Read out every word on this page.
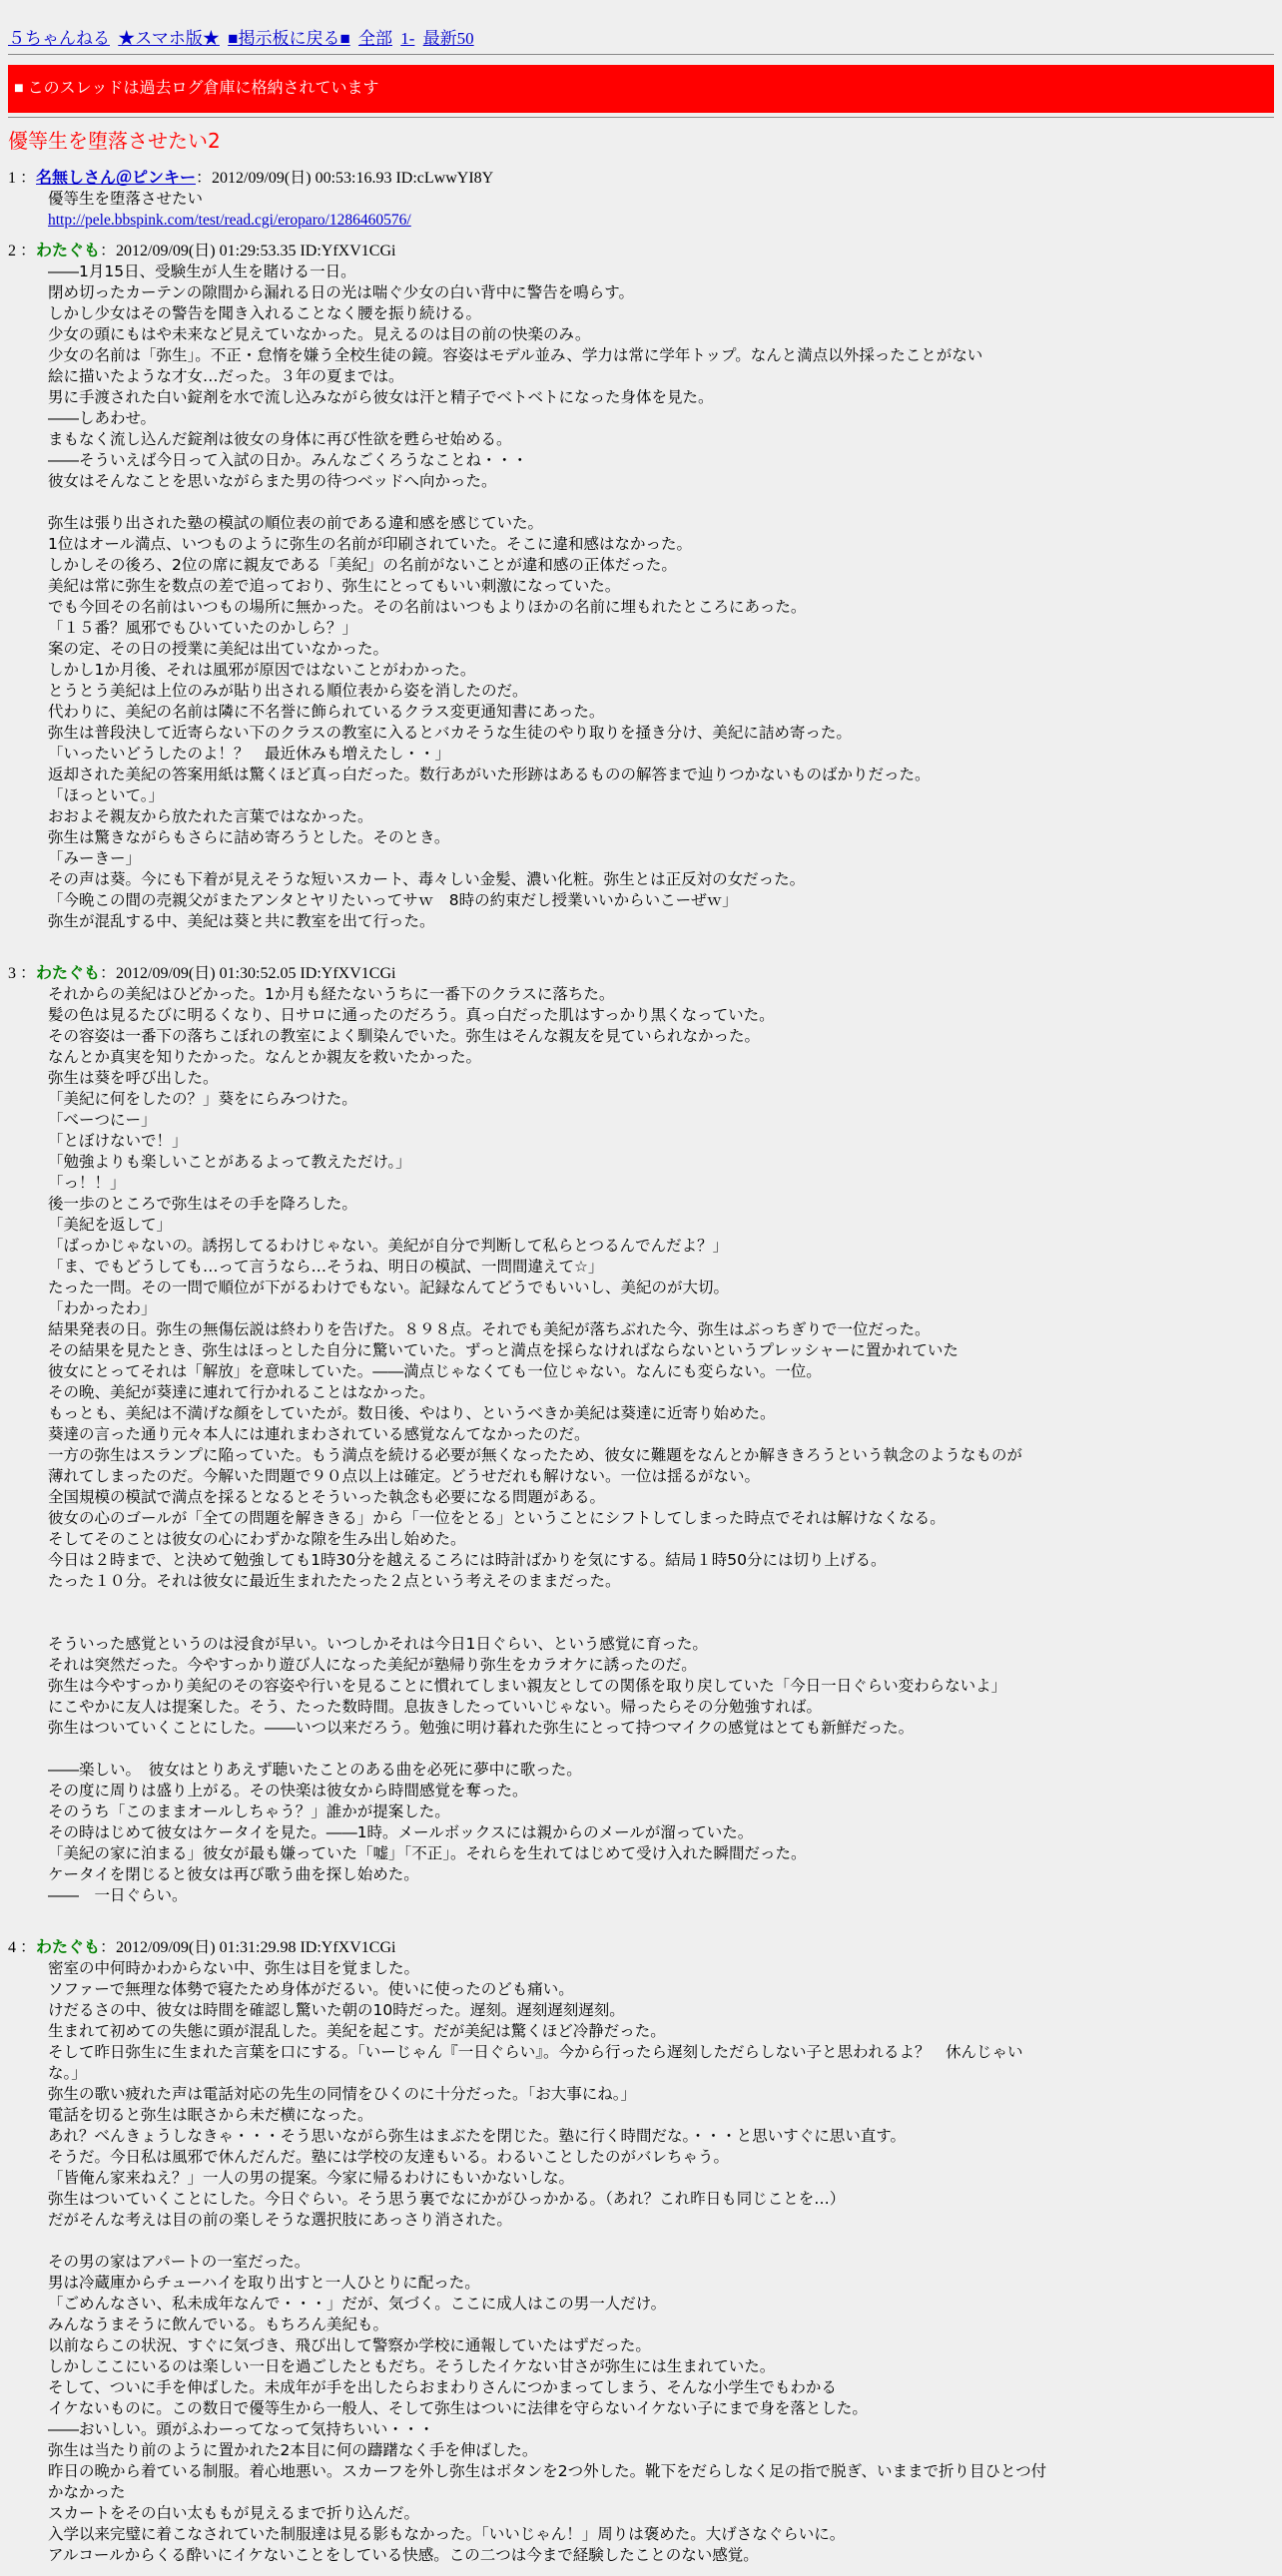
５ちゃんねる ★スマホ版★ ■掲示板に戻る■ 全部 1- 最新50
■ このスレッドは過去ログ倉庫に格納されています
優等生を堕落させたい2
1 ：名無しさん＠ピンキー：2012/09/09(日) 00:53:16.93 ID:cLwwYI8Y
優等生を堕落させたい
http://pele.bbspink.com/test/read.cgi/eroparo/1286460576/
2 ：わたぐも：2012/09/09(日) 01:29:53.35 ID:YfXV1CGi
――1月15日、受験生が人生を賭ける一日。
閉め切ったカーテンの隙間から漏れる日の光は喘ぐ少女の白い背中に警告を鳴らす。
しかし少女はその警告を聞き入れることなく腰を振り続ける。
少女の頭にもはや未来など見えていなかった。見えるのは目の前の快楽のみ。
少女の名前は「弥生」。不正・怠惰を嫌う全校生徒の鏡。容姿はモデル並み、学力は常に学年トップ。なんと満点以外採ったことがない
絵に描いたような才女…だった。３年の夏までは。
男に手渡された白い錠剤を水で流し込みながら彼女は汗と精子でベトベトになった身体を見た。
――しあわせ。
まもなく流し込んだ錠剤は彼女の身体に再び性欲を甦らせ始める。
――そういえば今日って入試の日か。みんなごくろうなことね・・・
彼女はそんなことを思いながらまた男の待つベッドへ向かった。

弥生は張り出された塾の模試の順位表の前である違和感を感じていた。
1位はオール満点、いつものように弥生の名前が印刷されていた。そこに違和感はなかった。
しかしその後ろ、2位の席に親友である「美紀」の名前がないことが違和感の正体だった。
美紀は常に弥生を数点の差で追っており、弥生にとってもいい刺激になっていた。
でも今回その名前はいつもの場所に無かった。その名前はいつもよりほかの名前に埋もれたところにあった。
「１５番？風邪でもひいていたのかしら？」
案の定、その日の授業に美紀は出ていなかった。
しかし1か月後、それは風邪が原因ではないことがわかった。
とうとう美紀は上位のみが貼り出される順位表から姿を消したのだ。
代わりに、美紀の名前は隣に不名誉に飾られているクラス変更通知書にあった。
弥生は普段決して近寄らない下のクラスの教室に入るとバカそうな生徒のやり取りを掻き分け、美紀に詰め寄った。
「いったいどうしたのよ！？　最近休みも増えたし・・」
返却された美紀の答案用紙は驚くほど真っ白だった。数行あがいた形跡はあるものの解答まで辿りつかないものばかりだった。
「ほっといて。」
おおよそ親友から放たれた言葉ではなかった。
弥生は驚きながらもさらに詰め寄ろうとした。そのとき。
「みーきー」
その声は葵。今にも下着が見えそうな短いスカート、毒々しい金髪、濃い化粧。弥生とは正反対の女だった。
「今晩この間の売親父がまたアンタとヤリたいってサｗ　8時の約束だし授業いいからいこーぜｗ」
弥生が混乱する中、美紀は葵と共に教室を出て行った。
3 ：わたぐも：2012/09/09(日) 01:30:52.05 ID:YfXV1CGi
それからの美紀はひどかった。1か月も経たないうちに一番下のクラスに落ちた。
髪の色は見るたびに明るくなり、日サロに通ったのだろう。真っ白だった肌はすっかり黒くなっていた。
その容姿は一番下の落ちこぼれの教室によく馴染んでいた。弥生はそんな親友を見ていられなかった。
なんとか真実を知りたかった。なんとか親友を救いたかった。
弥生は葵を呼び出した。
「美紀に何をしたの？」葵をにらみつけた。
「べーつにー」
「とぼけないで！」
「勉強よりも楽しいことがあるよって教えただけ。」
「っ！！」
後一歩のところで弥生はその手を降ろした。
「美紀を返して」
「ばっかじゃないの。誘拐してるわけじゃない。美紀が自分で判断して私らとつるんでんだよ？」
「ま、でもどうしても…って言うなら…そうね、明日の模試、一問間違えて☆」
たった一問。その一問で順位が下がるわけでもない。記録なんてどうでもいいし、美紀のが大切。
「わかったわ」
結果発表の日。弥生の無傷伝説は終わりを告げた。８９８点。それでも美紀が落ちぶれた今、弥生はぶっちぎりで一位だった。
その結果を見たとき、弥生はほっとした自分に驚いていた。ずっと満点を採らなければならないというプレッシャーに置かれていた
彼女にとってそれは「解放」を意味していた。――満点じゃなくても一位じゃない。なんにも変らない。一位。
その晩、美紀が葵達に連れて行かれることはなかった。
もっとも、美紀は不満げな顔をしていたが。数日後、やはり、というべきか美紀は葵達に近寄り始めた。
葵達の言った通り元々本人には連れまわされている感覚なんてなかったのだ。
一方の弥生はスランプに陥っていた。もう満点を続ける必要が無くなったため、彼女に難題をなんとか解ききろうという執念のようなものが
薄れてしまったのだ。今解いた問題で９０点以上は確定。どうせだれも解けない。一位は揺るがない。
全国規模の模試で満点を採るとなるとそういった執念も必要になる問題がある。
彼女の心のゴールが「全ての問題を解ききる」から「一位をとる」ということにシフトしてしまった時点でそれは解けなくなる。
そしてそのことは彼女の心にわずかな隙を生み出し始めた。
今日は２時まで、と決めて勉強しても1時30分を越えるころには時計ばかりを気にする。結局１時50分には切り上げる。
たった１０分。それは彼女に最近生まれたたった２点という考えそのままだった。

そういった感覚というのは浸食が早い。いつしかそれは今日1日ぐらい、という感覚に育った。
それは突然だった。今やすっかり遊び人になった美紀が塾帰り弥生をカラオケに誘ったのだ。
弥生は今やすっかり美紀のその容姿や行いを見ることに慣れてしまい親友としての関係を取り戻していた「今日一日ぐらい変わらないよ」
にこやかに友人は提案した。そう、たった数時間。息抜きしたっていいじゃない。帰ったらその分勉強すれば。
弥生はついていくことにした。――いつ以来だろう。勉強に明け暮れた弥生にとって持つマイクの感覚はとても新鮮だった。

――楽しい。　彼女はとりあえず聴いたことのある曲を必死に夢中に歌った。
その度に周りは盛り上がる。その快楽は彼女から時間感覚を奪った。
そのうち「このままオールしちゃう？」誰かが提案した。
その時はじめて彼女はケータイを見た。――1時。メールボックスには親からのメールが溜っていた。
「美紀の家に泊まる」彼女が最も嫌っていた「嘘」「不正」。それらを生れてはじめて受け入れた瞬間だった。
ケータイを閉じると彼女は再び歌う曲を探し始めた。
――　一日ぐらい。
4 ：わたぐも：2012/09/09(日) 01:31:29.98 ID:YfXV1CGi
密室の中何時かわからない中、弥生は目を覚ました。
ソファーで無理な体勢で寝たため身体がだるい。使いに使ったのども痛い。
けだるさの中、彼女は時間を確認し驚いた朝の10時だった。遅刻。遅刻遅刻遅刻。
生まれて初めての失態に頭が混乱した。美紀を起こす。だが美紀は驚くほど冷静だった。
そして昨日弥生に生まれた言葉を口にする。「いーじゃん『一日ぐらい』。今から行ったら遅刻しただらしない子と思われるよ？　休んじゃい
な。」
弥生の歌い疲れた声は電話対応の先生の同情をひくのに十分だった。「お大事にね。」
電話を切ると弥生は眠さから未だ横になった。
あれ？べんきょうしなきゃ・・・そう思いながら弥生はまぶたを閉じた。塾に行く時間だな。・・・と思いすぐに思い直す。
そうだ。今日私は風邪で休んだんだ。塾には学校の友達もいる。わるいことしたのがバレちゃう。
「皆俺ん家来ねえ？」一人の男の提案。今家に帰るわけにもいかないしな。
弥生はついていくことにした。今日ぐらい。そう思う裏でなにかがひっかかる。（あれ？これ昨日も同じことを…）
だがそんな考えは目の前の楽しそうな選択肢にあっさり消された。

その男の家はアパートの一室だった。
男は冷蔵庫からチューハイを取り出すと一人ひとりに配った。
「ごめんなさい、私未成年なんで・・・」だが、気づく。ここに成人はこの男一人だけ。
みんなうまそうに飲んでいる。もちろん美紀も。
以前ならこの状況、すぐに気づき、飛び出して警察か学校に通報していたはずだった。
しかしここにいるのは楽しい一日を過ごしたともだち。そうしたイケない甘さが弥生には生まれていた。
そして、ついに手を伸ばした。未成年が手を出したらおまわりさんにつかまってしまう、そんな小学生でもわかる
イケないものに。この数日で優等生から一般人、そして弥生はついに法律を守らないイケない子にまで身を落とした。
――おいしい。頭がふわーってなって気持ちいい・・・
弥生は当たり前のように置かれた2本目に何の躊躇なく手を伸ばした。
昨日の晩から着ている制服。着心地悪い。スカーフを外し弥生はボタンを2つ外した。靴下をだらしなく足の指で脱ぎ、いままで折り目ひとつ付
かなかった
スカートをその白い太ももが見えるまで折り込んだ。
入学以来完璧に着こなされていた制服達は見る影もなかった。「いいじゃん！」周りは褒めた。大げさなぐらいに。
アルコールからくる酔いにイケないことをしている快感。この二つは今まで経験したことのない感覚。
